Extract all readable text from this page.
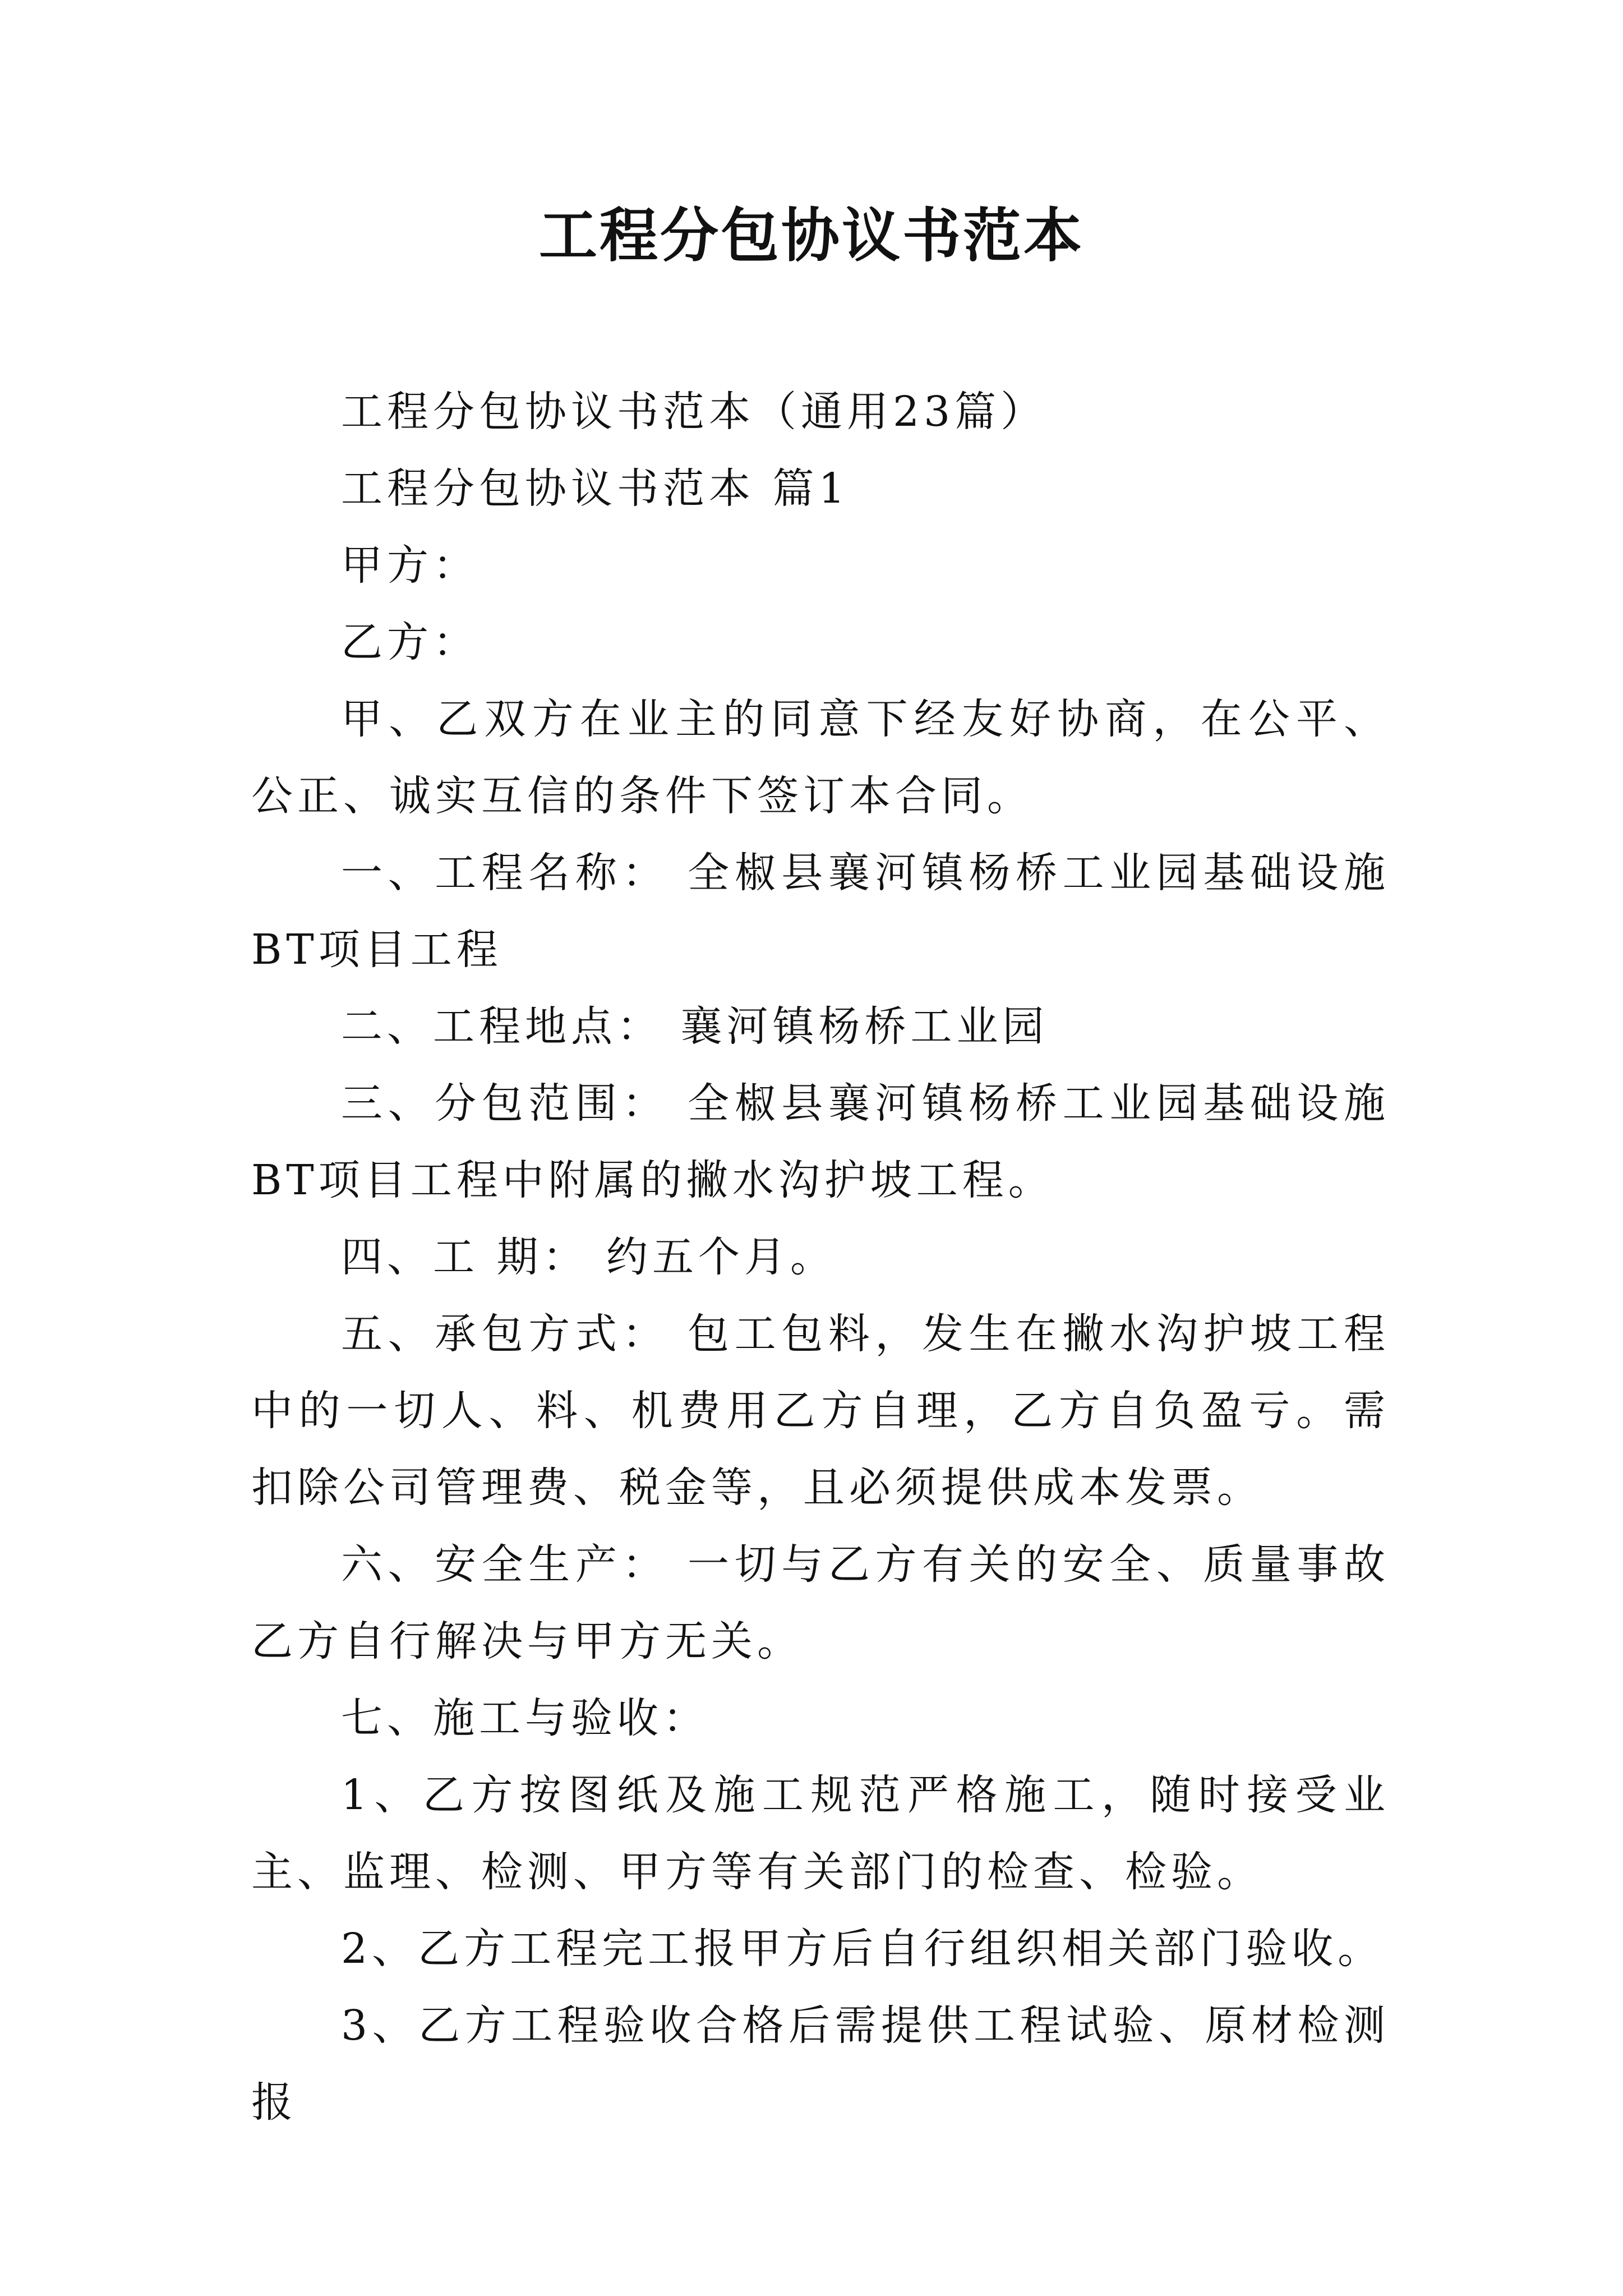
工程分包协议书范本

工程分包协议书范本（通用23篇）

工程分包协议书范本 篇1

甲方：

乙方：

甲、乙双方在业主的同意下经友好协商，在公平、公正、诚实互信的条件下签订本合同。

一、工程名称： 全椒县襄河镇杨桥工业园基础设施BT项目工程

二、工程地点： 襄河镇杨桥工业园

三、分包范围： 全椒县襄河镇杨桥工业园基础设施BT项目工程中附属的撇水沟护坡工程。

四、工 期： 约五个月。

五、承包方式： 包工包料，发生在撇水沟护坡工程中的一切人、料、机费用乙方自理，乙方自负盈亏。需扣除公司管理费、税金等，且必须提供成本发票。

六、安全生产： 一切与乙方有关的安全、质量事故乙方自行解决与甲方无关。

七、施工与验收：

1、乙方按图纸及施工规范严格施工，随时接受业主、监理、检测、甲方等有关部门的检查、检验。

2、乙方工程完工报甲方后自行组织相关部门验收。

3、乙方工程验收合格后需提供工程试验、原材检测报
